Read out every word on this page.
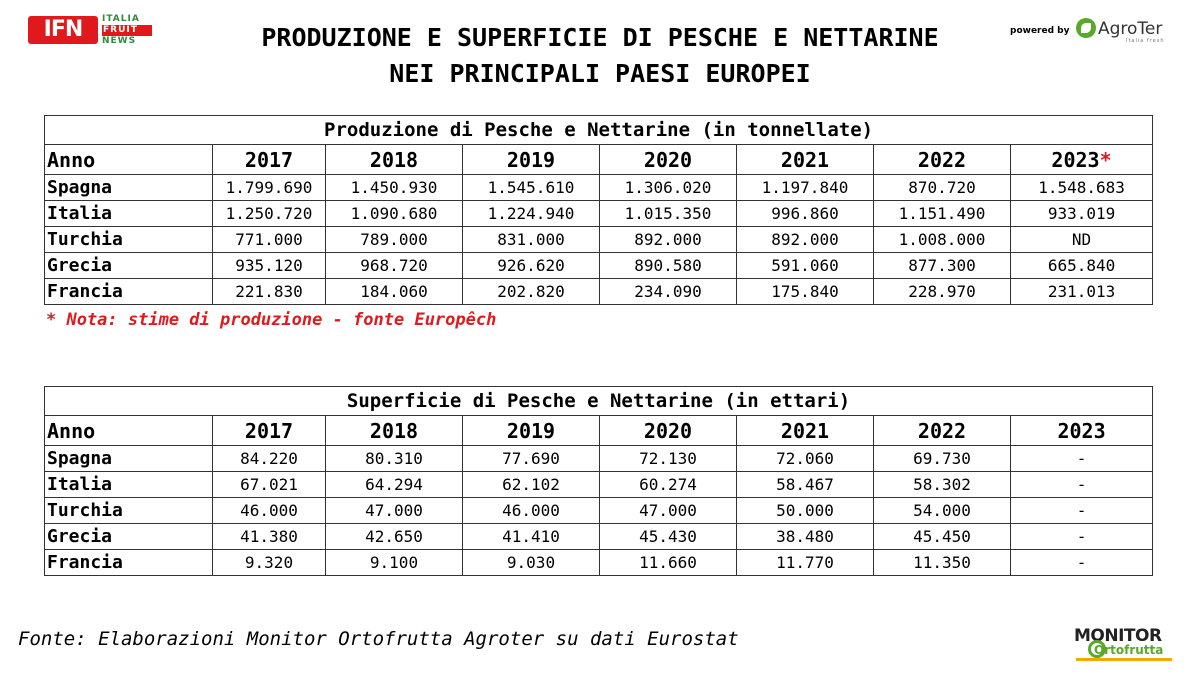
IFN	ITALIA
FRUIT
NEWS	PRODUZIONE E SUPERFICIE DI PESCHE E NETTARINE
NEI PRINCIPALI PAESI EUROPEI
powered by AgroTer
Italia fresh
Produzione di Pesche e Nettarine (in tonnellate)							
Anno	2017	2018	2019	2020	2021	2022	2023*
Spagna	1.799.690	1.450.930	1.545.610	1.306.020	1.197.840	870.720	1.548.683
Italia	1.250.720	1.090.680	1.224.940	1.015.350	996.860	1.151.490	933.019
Turchia	771.000	789.000	831.000	892.000	892.000	1.008.000	ND
Grecia	935.120	968.720	926.620	890.580	591.060	877.300	665.840
Francia	221.830	184.060	202.820	234.090	175.840	228.970	231.013
* Nota: stime di produzione - fonte Europêch
Superficie di Pesche e Nettarine (in ettari)							
Anno	2017	2018	2019	2020	2021	2022	2023
Spagna	84.220	80.310	77.690	72.130	72.060	69.730	-
Italia	67.021	64.294	62.102	60.274	58.467	58.302	-
Turchia	46.000	47.000	46.000	47.000	50.000	54.000	-
Grecia	41.380	42.650	41.410	45.430	38.480	45.450	-
Francia	9.320	9.100	9.030	11.660	11.770	11.350	-
Fonte: Elaborazioni Monitor Ortofrutta Agroter su dati Eurostat	MONITOR
Ortofrutta
